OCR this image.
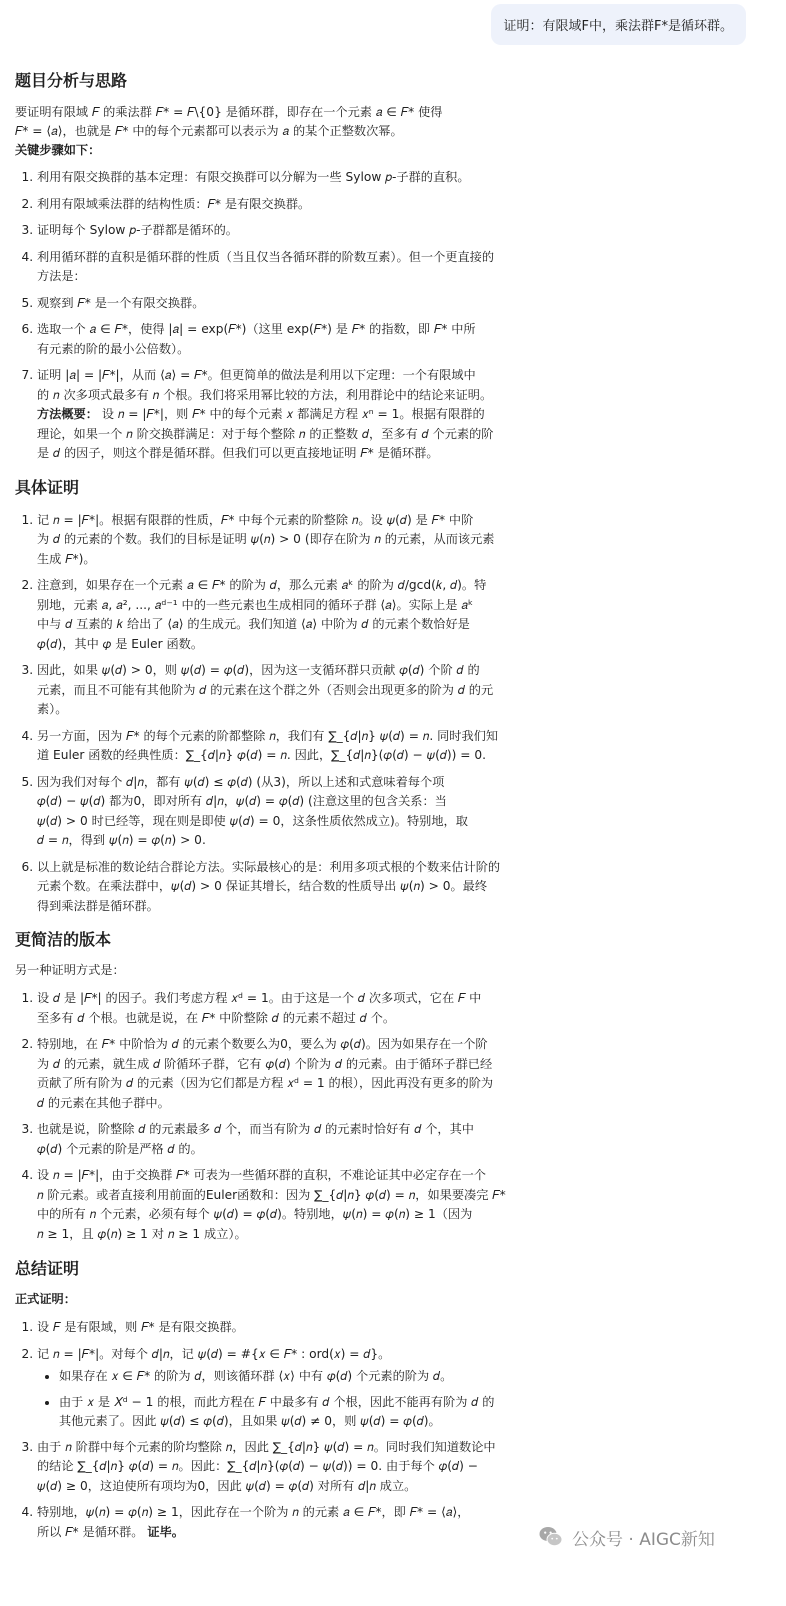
证明：有限域F中，乘法群F*是循环群。
题目分析与思路

要证明有限域 𝐹 的乘法群 𝐹* = 𝐹\{0} 是循环群，即存在一个元素 𝑎 ∈ 𝐹* 使得

𝐹* = ⟨𝑎⟩，也就是 𝐹* 中的每个元素都可以表示为 𝑎 的某个正整数次幂。

关键步骤如下：

1. 利用有限交换群的基本定理：有限交换群可以分解为一些 Sylow 𝑝-子群的直积。
2. 利用有限域乘法群的结构性质：𝐹* 是有限交换群。
3. 证明每个 Sylow 𝑝-子群都是循环的。
4. 利用循环群的直积是循环群的性质（当且仅当各循环群的阶数互素）。但一个更直接的
方法是：
5. 观察到 𝐹* 是一个有限交换群。
6. 选取一个 𝑎 ∈ 𝐹*，使得 |𝑎| = exp(𝐹*)（这里 exp(𝐹*) 是 𝐹* 的指数，即 𝐹* 中所
有元素的阶的最小公倍数）。
7. 证明 |𝑎| = |𝐹*|，从而 ⟨𝑎⟩ = 𝐹*。但更简单的做法是利用以下定理：一个有限域中
的 𝑛 次多项式最多有 𝑛 个根。我们将采用幂比较的方法，利用群论中的结论来证明。
方法概要： 设 𝑛 = |𝐹*|，则 𝐹* 中的每个元素 𝑥 都满足方程 𝑥ⁿ = 1。根据有限群的
理论，如果一个 𝑛 阶交换群满足：对于每个整除 𝑛 的正整数 𝑑，至多有 𝑑 个元素的阶
是 𝑑 的因子，则这个群是循环群。但我们可以更直接地证明 𝐹* 是循环群。
具体证明
1. 记 𝑛 = |𝐹*|。根据有限群的性质，𝐹* 中每个元素的阶整除 𝑛。设 𝜓(𝑑) 是 𝐹* 中阶
为 𝑑 的元素的个数。我们的目标是证明 𝜓(𝑛) > 0 (即存在阶为 𝑛 的元素，从而该元素
生成 𝐹*)。
2. 注意到，如果存在一个元素 𝑎 ∈ 𝐹* 的阶为 𝑑，那么元素 𝑎ᵏ 的阶为 𝑑/gcd(𝑘, 𝑑)。特
别地，元素 𝑎, 𝑎², ..., 𝑎ᵈ⁻¹ 中的一些元素也生成相同的循环子群 ⟨𝑎⟩。实际上是 𝑎ᵏ
中与 𝑑 互素的 𝑘 给出了 ⟨𝑎⟩ 的生成元。我们知道 ⟨𝑎⟩ 中阶为 𝑑 的元素个数恰好是
𝜑(𝑑)，其中 𝜑 是 Euler 函数。
3. 因此，如果 𝜓(𝑑) > 0，则 𝜓(𝑑) = 𝜑(𝑑)，因为这一支循环群只贡献 𝜑(𝑑) 个阶 𝑑 的
元素，而且不可能有其他阶为 𝑑 的元素在这个群之外（否则会出现更多的阶为 𝑑 的元
素）。
4. 另一方面，因为 𝐹* 的每个元素的阶都整除 𝑛，我们有 ∑_{𝑑|𝑛} 𝜓(𝑑) = 𝑛. 同时我们知
道 Euler 函数的经典性质：∑_{𝑑|𝑛} 𝜑(𝑑) = 𝑛. 因此，∑_{𝑑|𝑛}(𝜑(𝑑) − 𝜓(𝑑)) = 0.
5. 因为我们对每个 𝑑|𝑛，都有 𝜓(𝑑) ≤ 𝜑(𝑑) (从3)，所以上述和式意味着每个项
𝜑(𝑑) − 𝜓(𝑑) 都为0，即对所有 𝑑|𝑛，𝜓(𝑑) = 𝜑(𝑑) (注意这里的包含关系：当
𝜓(𝑑) > 0 时已经等，现在则是即使 𝜓(𝑑) = 0，这条性质依然成立)。特别地，取
𝑑 = 𝑛，得到 𝜓(𝑛) = 𝜑(𝑛) > 0.
6. 以上就是标准的数论结合群论方法。实际最核心的是：利用多项式根的个数来估计阶的
元素个数。在乘法群中，𝜓(𝑑) > 0 保证其增长，结合数的性质导出 𝜓(𝑛) > 0。最终
得到乘法群是循环群。
更简洁的版本

另一种证明方式是：

1. 设 𝑑 是 |𝐹*| 的因子。我们考虑方程 𝑥ᵈ = 1。由于这是一个 𝑑 次多项式，它在 𝐹 中
至多有 𝑑 个根。也就是说，在 𝐹* 中阶整除 𝑑 的元素不超过 𝑑 个。
2. 特别地，在 𝐹* 中阶恰为 𝑑 的元素个数要么为0，要么为 𝜑(𝑑)。因为如果存在一个阶
为 𝑑 的元素，就生成 𝑑 阶循环子群，它有 𝜑(𝑑) 个阶为 𝑑 的元素。由于循环子群已经
贡献了所有阶为 𝑑 的元素（因为它们都是方程 𝑥ᵈ = 1 的根），因此再没有更多的阶为
𝑑 的元素在其他子群中。
3. 也就是说，阶整除 𝑑 的元素最多 𝑑 个，而当有阶为 𝑑 的元素时恰好有 𝑑 个，其中
𝜑(𝑑) 个元素的阶是严格 𝑑 的。
4. 设 𝑛 = |𝐹*|，由于交换群 𝐹* 可表为一些循环群的直积，不难论证其中必定存在一个
𝑛 阶元素。或者直接利用前面的Euler函数和：因为 ∑_{𝑑|𝑛} 𝜑(𝑑) = 𝑛，如果要凑完 𝐹*
中的所有 𝑛 个元素，必须有每个 𝜓(𝑑) = 𝜑(𝑑)。特别地，𝜓(𝑛) = 𝜑(𝑛) ≥ 1（因为
𝑛 ≥ 1，且 𝜑(𝑛) ≥ 1 对 𝑛 ≥ 1 成立）。
总结证明

正式证明：

1. 设 𝐹 是有限域，则 𝐹* 是有限交换群。
2. 记 𝑛 = |𝐹*|。对每个 𝑑|𝑛，记 𝜓(𝑑) = #{𝑥 ∈ 𝐹* : ord(𝑥) = 𝑑}。
• 如果存在 𝑥 ∈ 𝐹* 的阶为 𝑑，则该循环群 ⟨𝑥⟩ 中有 𝜑(𝑑) 个元素的阶为 𝑑。
• 由于 𝑥 是 𝑋ᵈ − 1 的根，而此方程在 𝐹 中最多有 𝑑 个根，因此不能再有阶为 𝑑 的
其他元素了。因此 𝜓(𝑑) ≤ 𝜑(𝑑)，且如果 𝜓(𝑑) ≠ 0，则 𝜓(𝑑) = 𝜑(𝑑)。
3. 由于 𝑛 阶群中每个元素的阶均整除 𝑛，因此 ∑_{𝑑|𝑛} 𝜓(𝑑) = 𝑛。同时我们知道数论中
的结论 ∑_{𝑑|𝑛} 𝜑(𝑑) = 𝑛。因此：∑_{𝑑|𝑛}(𝜑(𝑑) − 𝜓(𝑑)) = 0. 由于每个 𝜑(𝑑) −
𝜓(𝑑) ≥ 0，这迫使所有项均为0，因此 𝜓(𝑑) = 𝜑(𝑑) 对所有 𝑑|𝑛 成立。
4. 特别地，𝜓(𝑛) = 𝜑(𝑛) ≥ 1，因此存在一个阶为 𝑛 的元素 𝑎 ∈ 𝐹*，即 𝐹* = ⟨𝑎⟩，
所以 𝐹* 是循环群。 证毕。	公众号 · AIGC新知
